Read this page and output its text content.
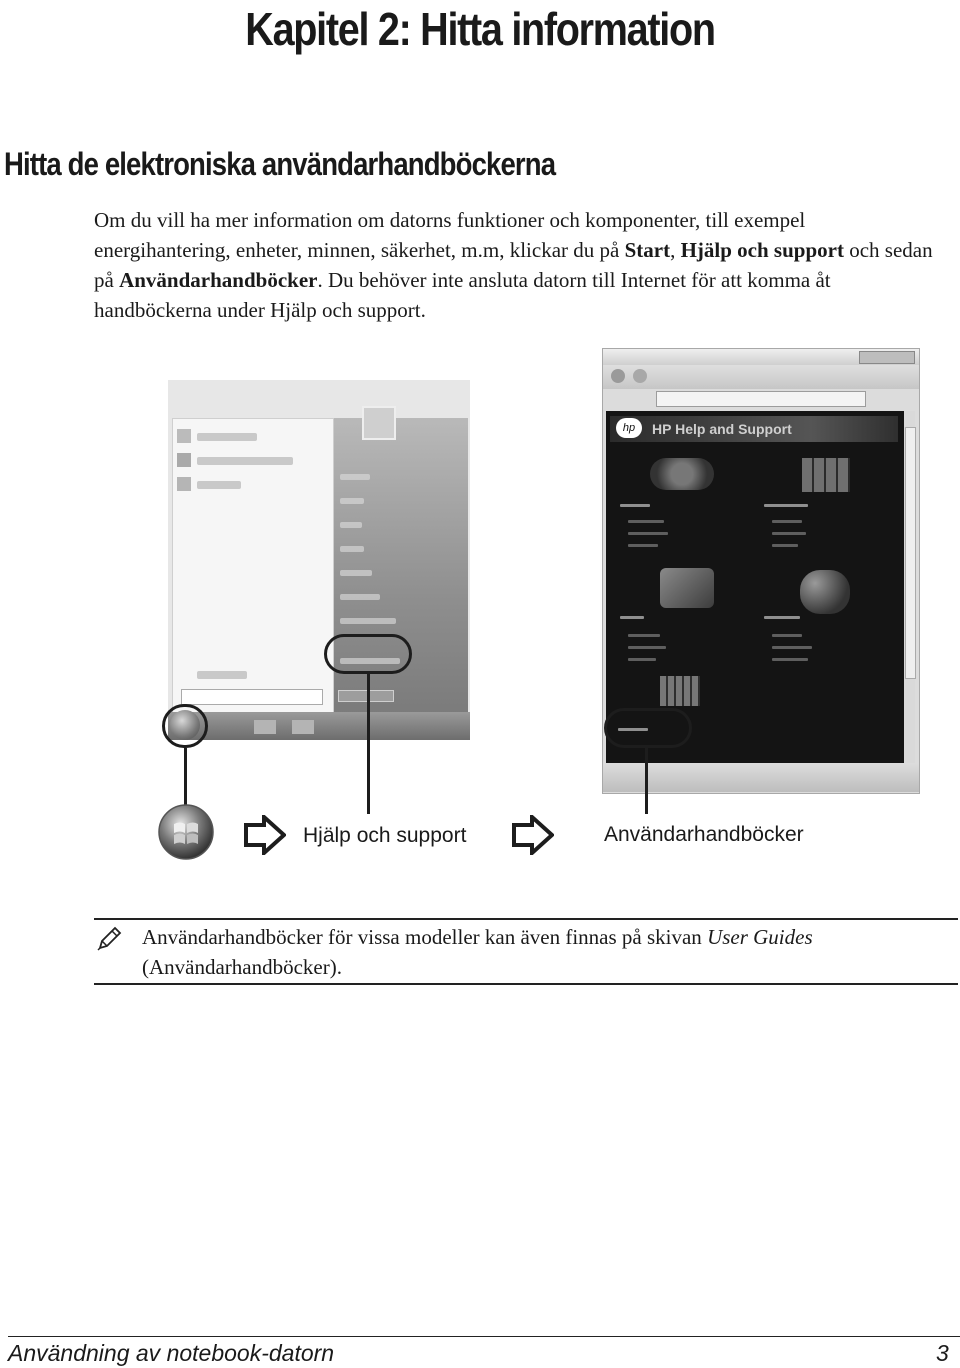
Kapitel 2: Hitta information
Hitta de elektroniska användarhandböckerna
Om du vill ha mer information om datorns funktioner och komponenter, till exempel energihantering, enheter, minnen, säkerhet, m.m, klickar du på Start, Hjälp och support och sedan på Användarhandböcker. Du behöver inte ansluta datorn till Internet för att komma åt handböckerna under Hjälp och support.
hp	HP Help and Support
Hjälp och support	Användarhandböcker
Användarhandböcker för vissa modeller kan även finnas på skivan User Guides (Användarhandböcker).
Användning av notebook-datorn	3
